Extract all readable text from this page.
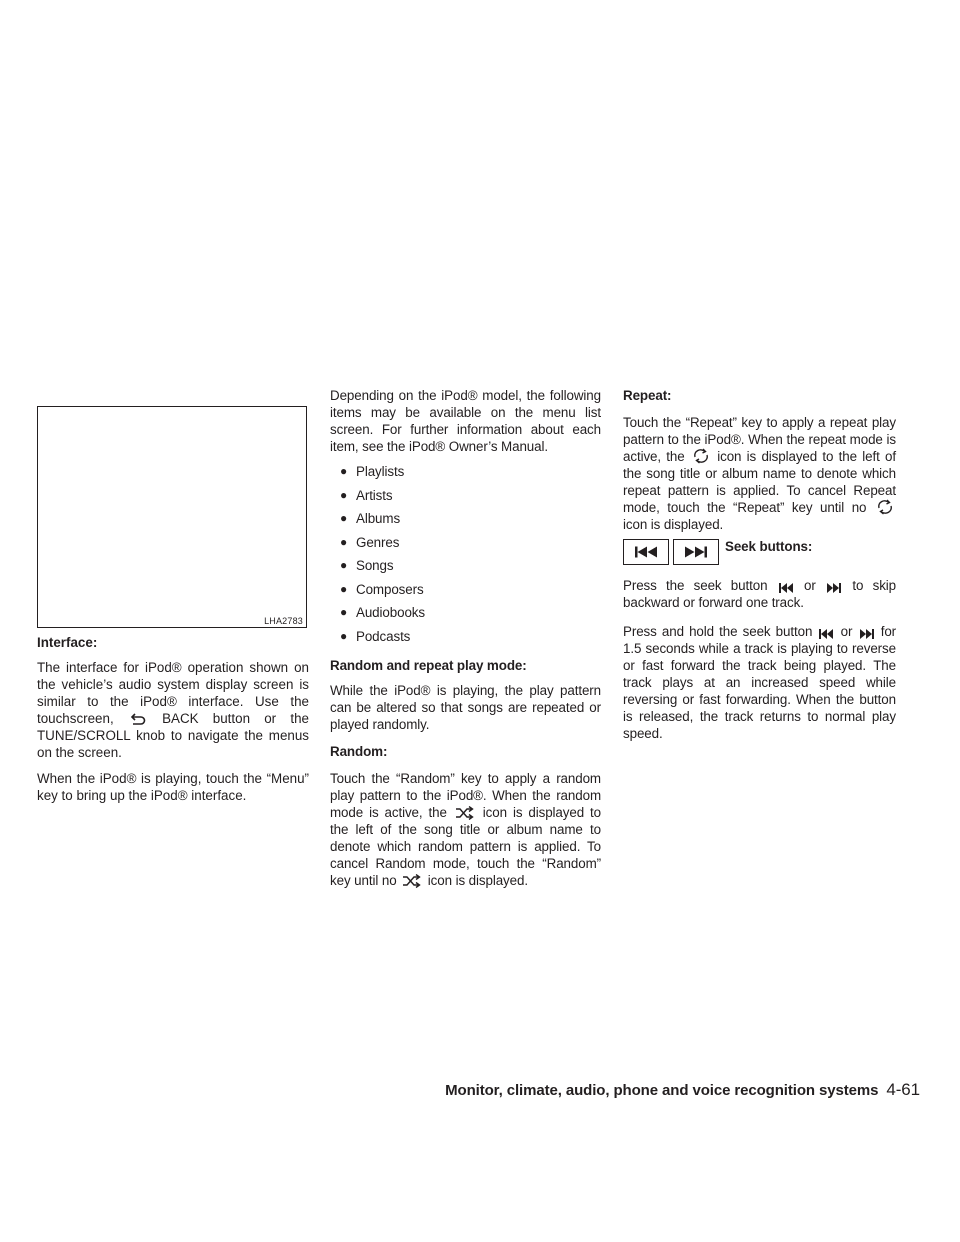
LHA2783

Interface:

The interface for iPod® operation shown on the vehicle’s audio system display screen is similar to the iPod® interface. Use the touchscreen,	BACK button or the TUNE/SCROLL knob to navigate the menus on the screen.

When the iPod® is playing, touch the “Menu” key to bring up the iPod® interface.

Depending on the iPod® model, the following items may be available on the menu list screen. For further information about each item, see the iPod® Owner’s Manual.

● Playlists
● Artists
● Albums
● Genres
● Songs
● Composers
● Audiobooks
● Podcasts

Random and repeat play mode:

While the iPod® is playing, the play pattern can be altered so that songs are repeated or played randomly.

Random:

Touch the “Random” key to apply a random play pattern to the iPod®. When the random mode is active, the	icon is displayed to the left of the song title or album name to denote which random pattern is applied. To cancel Random mode, touch the “Random” key until no icon is displayed.

Repeat:

Touch the “Repeat” key to apply a repeat play pattern to the iPod®. When the repeat mode is active, the icon is displayed to the left of the song title or album name to denote which repeat pattern is applied. To cancel Repeat mode, touch the “Repeat” key until no  icon is displayed.

Seek buttons:

Press the seek button	or	to skip backward or forward one track.

Press and hold the seek button or for 1.5 seconds while a track is playing to reverse or fast forward the track being played. The track plays at an increased speed while reversing or fast forwarding. When the button is released, the track returns to normal play speed.

Monitor, climate, audio, phone and voice recognition systems 4-61
